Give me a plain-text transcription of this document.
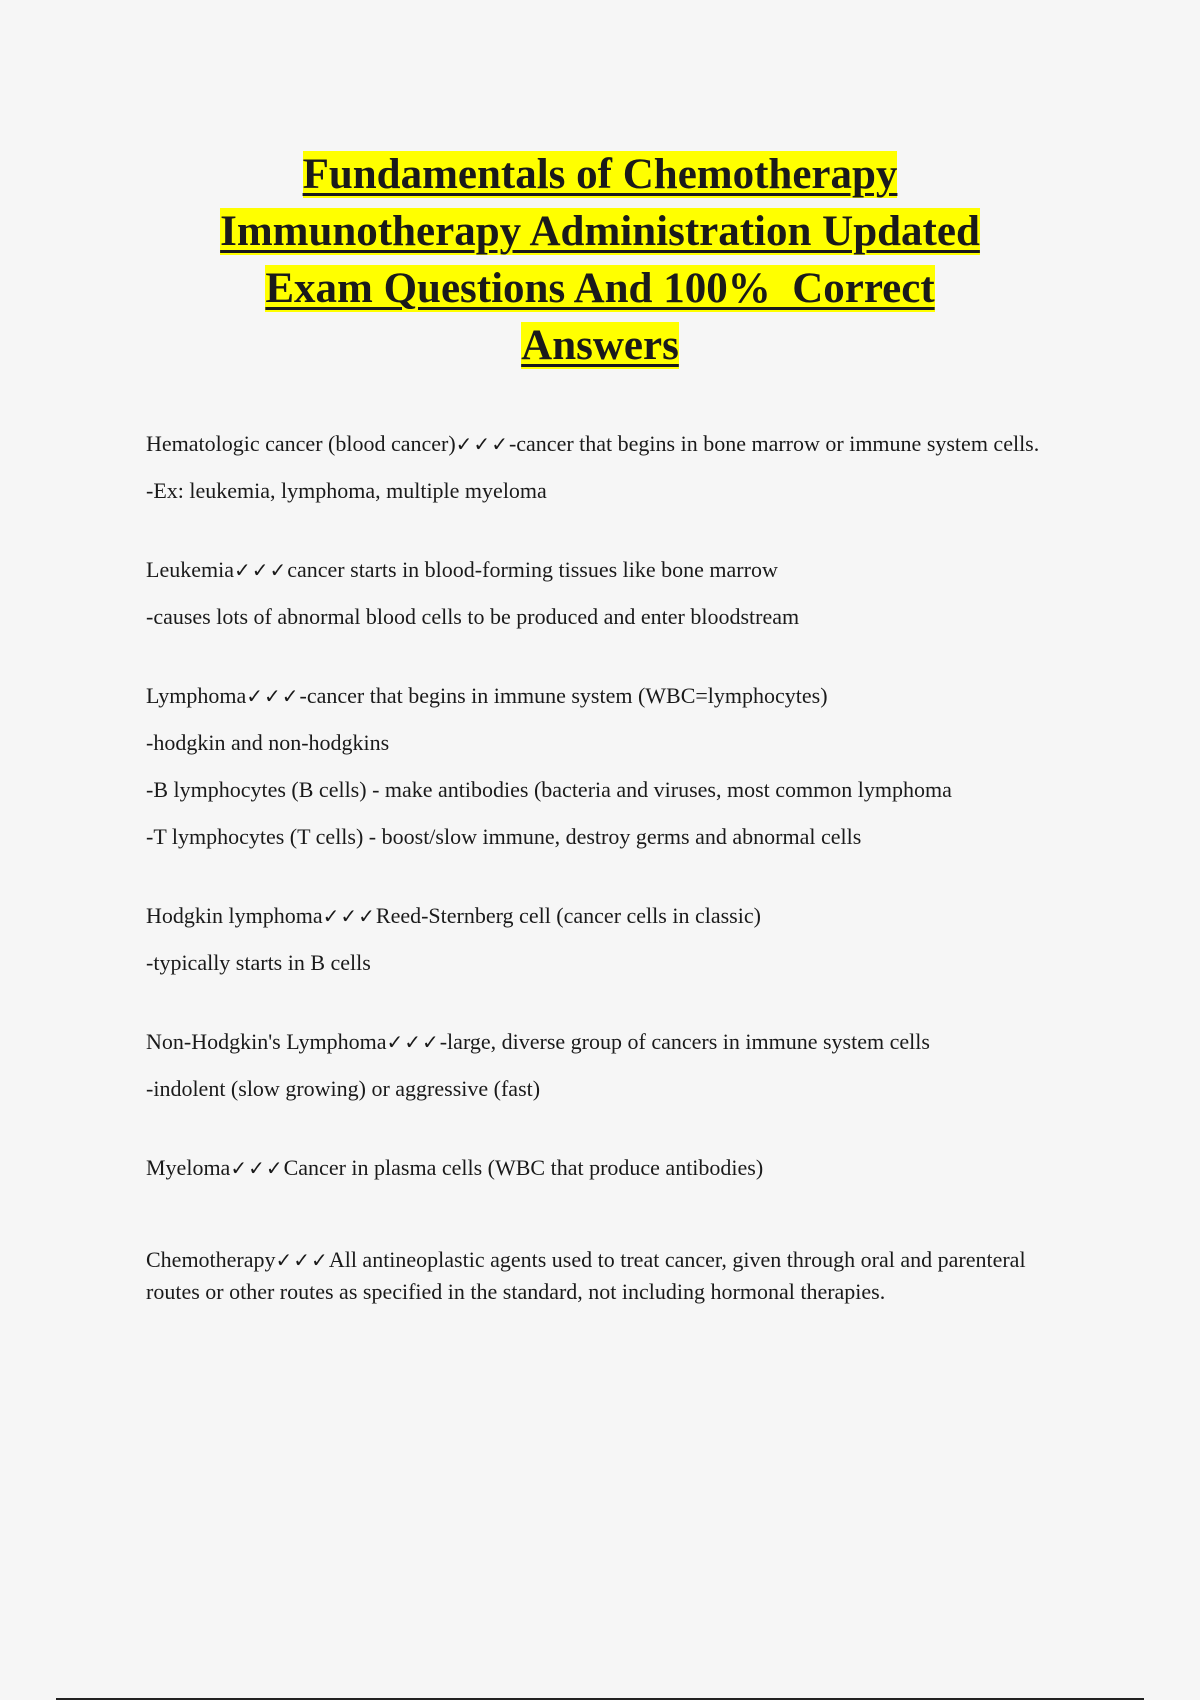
Fundamentals of Chemotherapy
Immunotherapy Administration Updated
Exam Questions And 100%  Correct
Answers

Hematologic cancer (blood cancer)✓✓✓-cancer that begins in bone marrow or immune system cells.

-Ex: leukemia, lymphoma, multiple myeloma

Leukemia✓✓✓cancer starts in blood-forming tissues like bone marrow

-causes lots of abnormal blood cells to be produced and enter bloodstream

Lymphoma✓✓✓-cancer that begins in immune system (WBC=lymphocytes)

-hodgkin and non-hodgkins

-B lymphocytes (B cells) - make antibodies (bacteria and viruses, most common lymphoma

-T lymphocytes (T cells) - boost/slow immune, destroy germs and abnormal cells

Hodgkin lymphoma✓✓✓Reed-Sternberg cell (cancer cells in classic)

-typically starts in B cells

Non-Hodgkin's Lymphoma✓✓✓-large, diverse group of cancers in immune system cells

-indolent (slow growing) or aggressive (fast)

Myeloma✓✓✓Cancer in plasma cells (WBC that produce antibodies)

Chemotherapy✓✓✓All antineoplastic agents used to treat cancer, given through oral and parenteral routes or other routes as specified in the standard, not including hormonal therapies.
